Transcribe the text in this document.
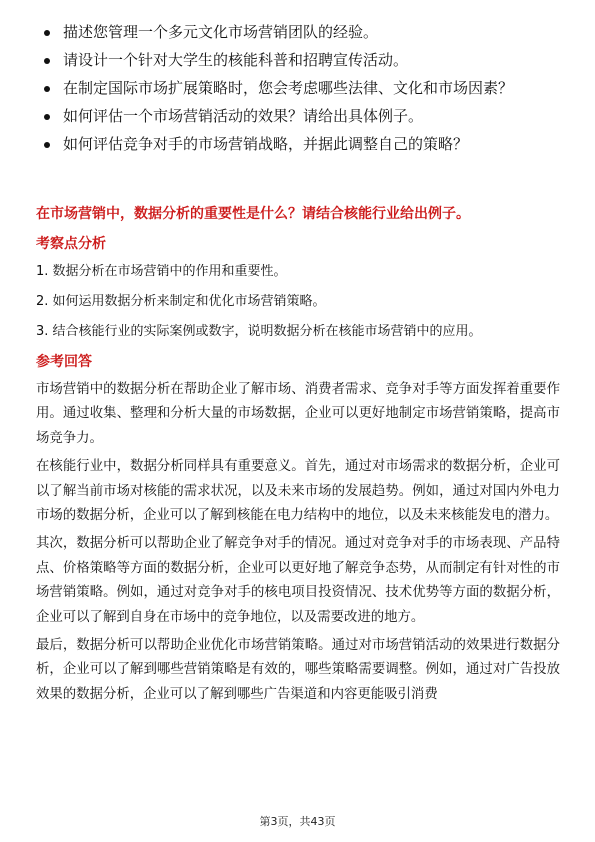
描述您管理一个多元文化市场营销团队的经验。
请设计一个针对大学生的核能科普和招聘宣传活动。
在制定国际市场扩展策略时，您会考虑哪些法律、文化和市场因素？
如何评估一个市场营销活动的效果？请给出具体例子。
如何评估竞争对手的市场营销战略，并据此调整自己的策略？
在市场营销中，数据分析的重要性是什么？请结合核能行业给出例子。
考察点分析
1. 数据分析在市场营销中的作用和重要性。
2. 如何运用数据分析来制定和优化市场营销策略。
3. 结合核能行业的实际案例或数字，说明数据分析在核能市场营销中的应用。
参考回答

市场营销中的数据分析在帮助企业了解市场、消费者需求、竞争对手等方面发挥着重要作用。通过收集、整理和分析大量的市场数据，企业可以更好地制定市场营销策略，提高市场竞争力。

在核能行业中，数据分析同样具有重要意义。首先，通过对市场需求的数据分析，企业可以了解当前市场对核能的需求状况，以及未来市场的发展趋势。例如，通过对国内外电力市场的数据分析，企业可以了解到核能在电力结构中的地位，以及未来核能发电的潜力。

其次，数据分析可以帮助企业了解竞争对手的情况。通过对竞争对手的市场表现、产品特点、价格策略等方面的数据分析，企业可以更好地了解竞争态势，从而制定有针对性的市场营销策略。例如，通过对竞争对手的核电项目投资情况、技术优势等方面的数据分析，企业可以了解到自身在市场中的竞争地位，以及需要改进的地方。

最后，数据分析可以帮助企业优化市场营销策略。通过对市场营销活动的效果进行数据分析，企业可以了解到哪些营销策略是有效的，哪些策略需要调整。例如，通过对广告投放效果的数据分析，企业可以了解到哪些广告渠道和内容更能吸引消费

第3页，共43页
